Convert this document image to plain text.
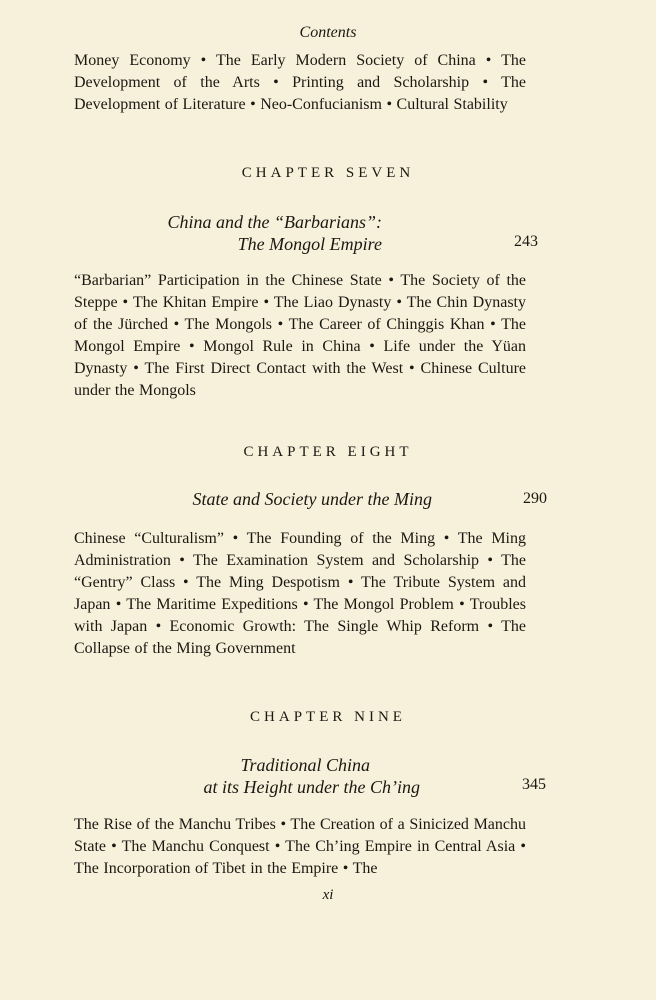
Contents
Money Economy • The Early Modern Society of China • The Development of the Arts • Printing and Scholarship • The Development of Literature • Neo-Confucianism • Cultural Stability
CHAPTER SEVEN
China and the “Barbarians”:
The Mongol Empire	243
“Barbarian” Participation in the Chinese State • The Society of the Steppe • The Khitan Empire • The Liao Dynasty • The Chin Dynasty of the Jürched • The Mongols • The Career of Chinggis Khan • The Mongol Empire • Mongol Rule in China • Life under the Yüan Dynasty • The First Direct Contact with the West • Chinese Culture under the Mongols
CHAPTER EIGHT
State and Society under the Ming	290
Chinese “Culturalism” • The Founding of the Ming • The Ming Administration • The Examination System and Scholarship • The “Gentry” Class • The Ming Despotism • The Tribute System and Japan • The Maritime Expeditions • The Mongol Problem • Troubles with Japan • Economic Growth: The Single Whip Reform • The Collapse of the Ming Government
CHAPTER NINE
Traditional China
at its Height under the Ch’ing	345
The Rise of the Manchu Tribes • The Creation of a Sinicized Manchu State • The Manchu Conquest • The Ch’ing Empire in Central Asia • The Incorporation of Tibet in the Empire • The
xi
